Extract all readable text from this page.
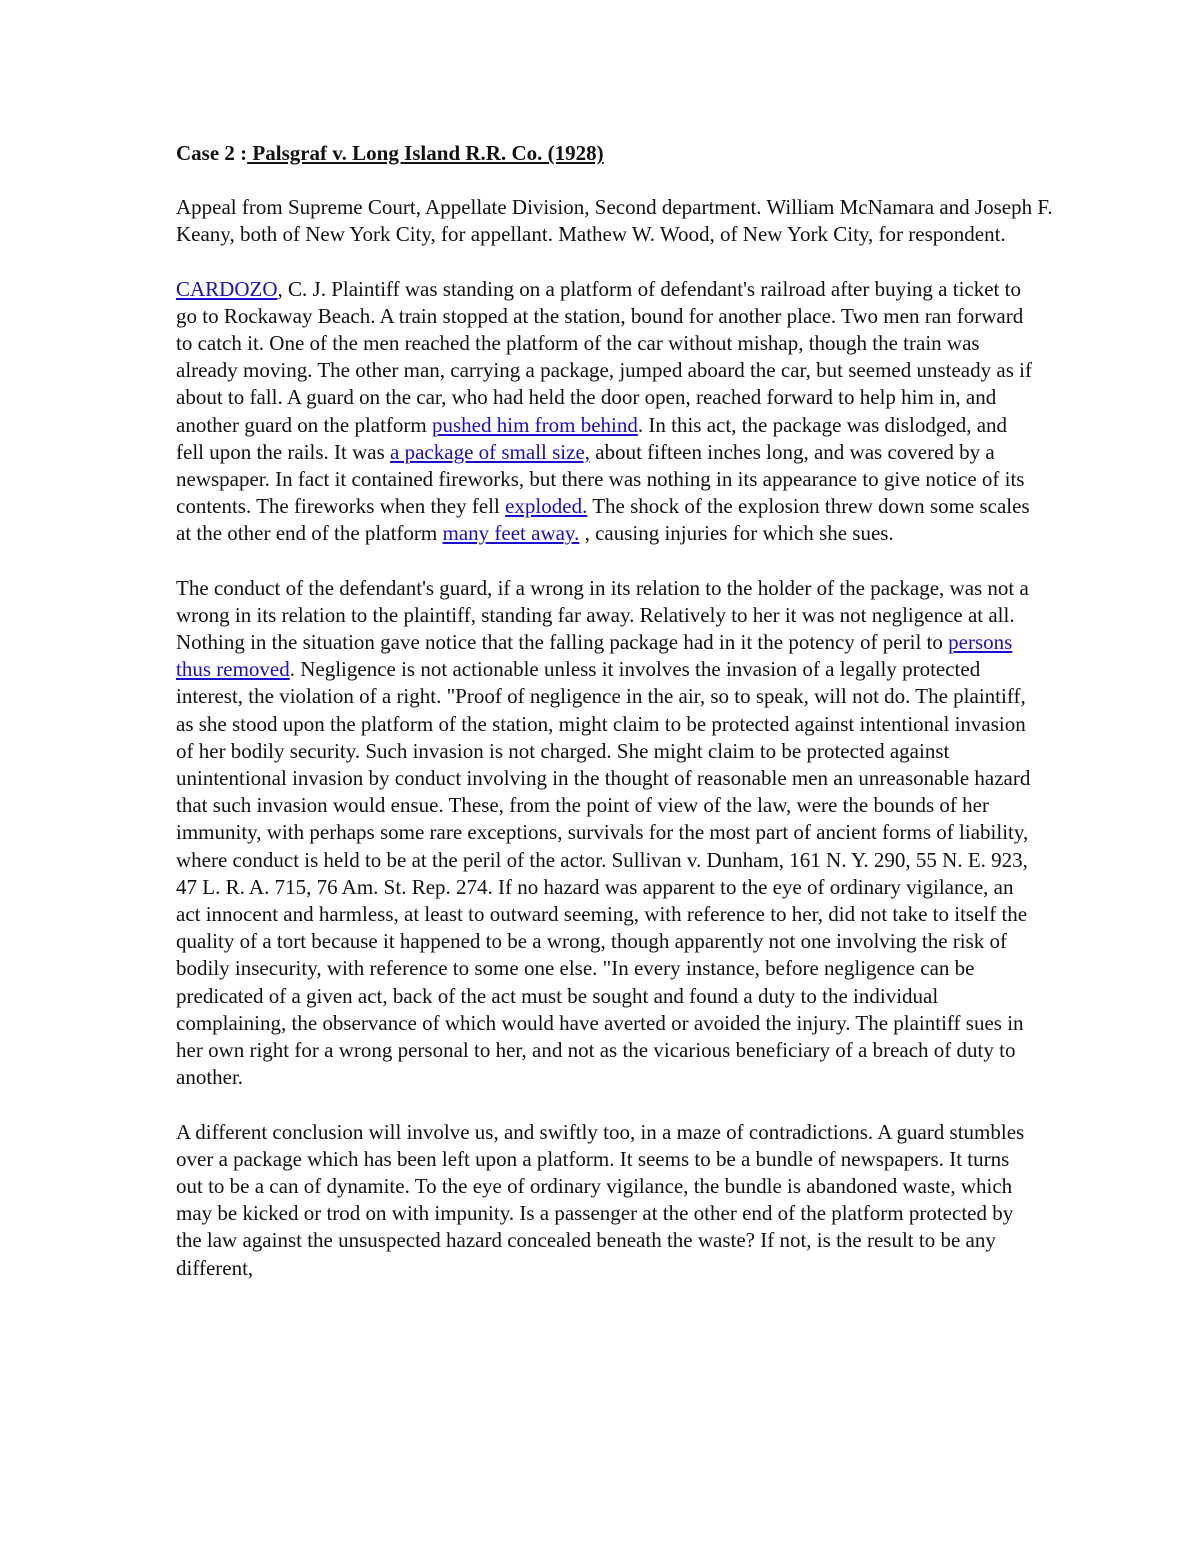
Case 2 : Palsgraf v. Long Island R.R. Co. (1928)
Appeal from Supreme Court, Appellate Division, Second department. William McNamara and Joseph F.
Keany, both of New York City, for appellant. Mathew W. Wood, of New York City, for respondent.
CARDOZO, C. J. Plaintiff was standing on a platform of defendant's railroad after buying a ticket to go to Rockaway Beach. A train stopped at the station, bound for another place. Two men ran forward to catch it. One of the men reached the platform of the car without mishap, though the train was already moving. The other man, carrying a package, jumped aboard the car, but seemed unsteady as if about to fall. A guard on the car, who had held the door open, reached forward to help him in, and another guard on the platform pushed him from behind. In this act, the package was dislodged, and fell upon the rails. It was a package of small size, about fifteen inches long, and was covered by a newspaper. In fact it contained fireworks, but there was nothing in its appearance to give notice of its contents. The fireworks when they fell exploded. The shock of the explosion threw down some scales at the other end of the platform many feet away. , causing injuries for which she sues.
The conduct of the defendant's guard, if a wrong in its relation to the holder of the package, was not a wrong in its relation to the plaintiff, standing far away. Relatively to her it was not negligence at all. Nothing in the situation gave notice that the falling package had in it the potency of peril to persons thus removed. Negligence is not actionable unless it involves the invasion of a legally protected interest, the violation of a right. "Proof of negligence in the air, so to speak, will not do. The plaintiff, as she stood upon the platform of the station, might claim to be protected against intentional invasion of her bodily security. Such invasion is not charged. She might claim to be protected against unintentional invasion by conduct involving in the thought of reasonable men an unreasonable hazard that such invasion would ensue. These, from the point of view of the law, were the bounds of her immunity, with perhaps some rare exceptions, survivals for the most part of ancient forms of liability, where conduct is held to be at the peril of the actor. Sullivan v. Dunham, 161 N. Y. 290, 55 N. E. 923, 47 L. R. A. 715, 76 Am. St. Rep. 274. If no hazard was apparent to the eye of ordinary vigilance, an act innocent and harmless, at least to outward seeming, with reference to her, did not take to itself the quality of a tort because it happened to be a wrong, though apparently not one involving the risk of bodily insecurity, with reference to some one else. "In every instance, before negligence can be predicated of a given act, back of the act must be sought and found a duty to the individual complaining, the observance of which would have averted or avoided the injury. The plaintiff sues in her own right for a wrong personal to her, and not as the vicarious beneficiary of a breach of duty to another.
A different conclusion will involve us, and swiftly too, in a maze of contradictions. A guard stumbles over a package which has been left upon a platform. It seems to be a bundle of newspapers. It turns out to be a can of dynamite. To the eye of ordinary vigilance, the bundle is abandoned waste, which may be kicked or trod on with impunity. Is a passenger at the other end of the platform protected by the law against the unsuspected hazard concealed beneath the waste? If not, is the result to be any different,
